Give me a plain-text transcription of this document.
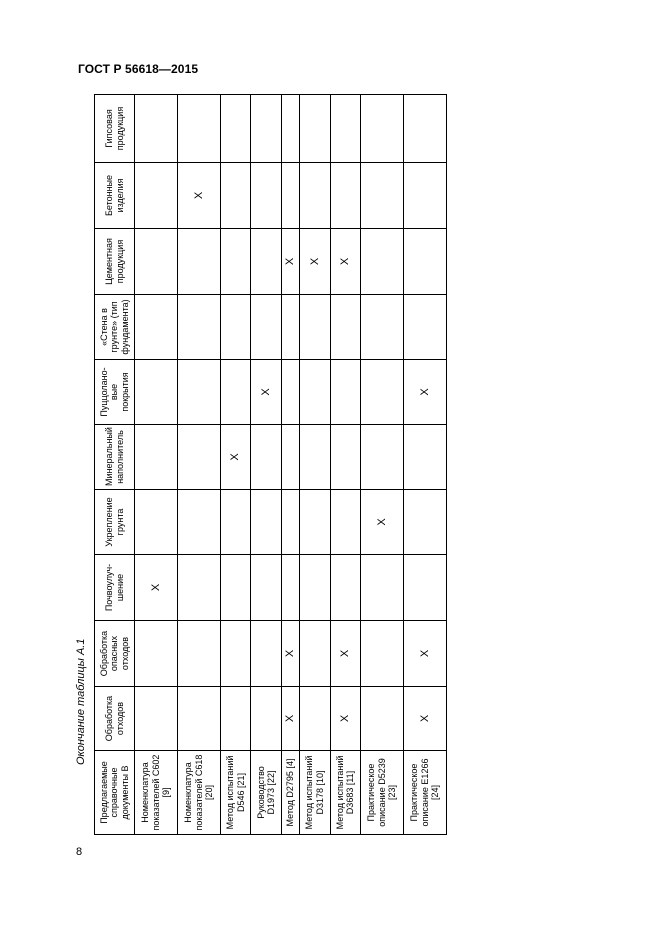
ГОСТ Р 56618—2015
Окончание таблицы А.1
Предлагаемые справочные документы В	Обработка отходов	Обработка опасных отходов	Почвоулуч-шение	Укрепление грунта	Минеральный наполнитель	Пуццолано-вые покрытия	«Стена в грунте» (тип фундамента)	Цементная продукция	Бетонные изделия	Гипсовая продукция
Номенклатура показателей С602 [9]			X							
Номенклатура показателей С618 [20]									X	
Метод испытаний D546 [21]					X					
Руководство D1973 [22]						X				
Метод D2795 [4]	X	X						X		
Метод испытаний D3178 [10]								X		
Метод испытаний D3683 [11]	X	X						X		
Практическое описание D5239 [23]				X						
Практическое описание Е1266 [24]	X	X				X				
8
